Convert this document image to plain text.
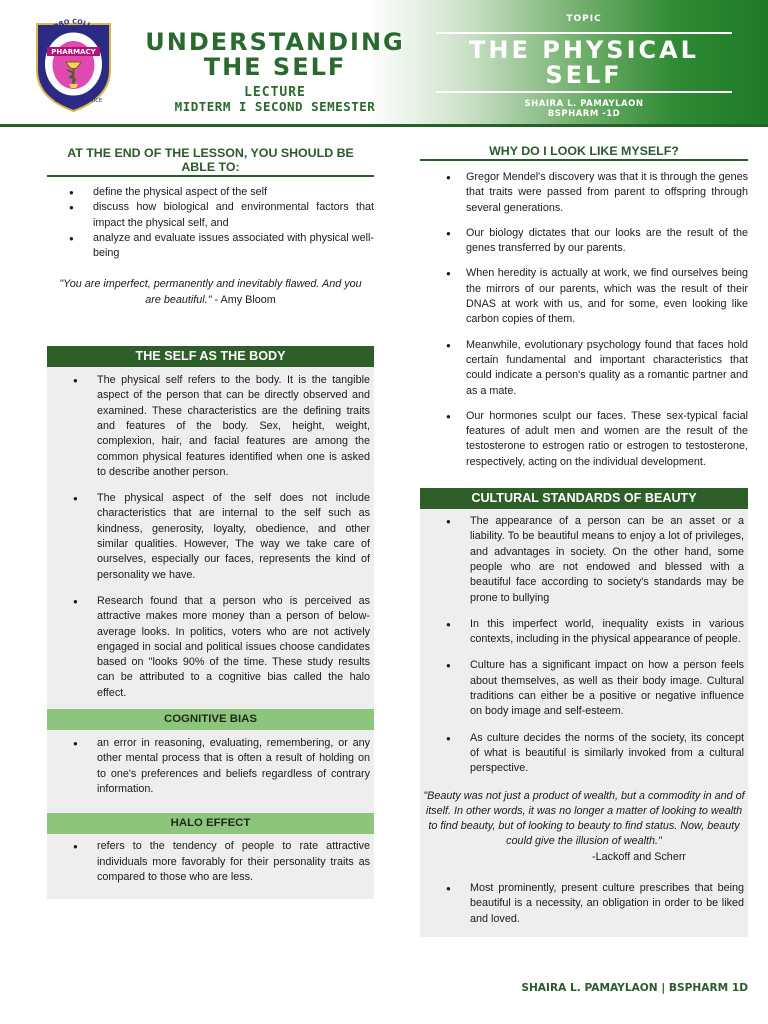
SAN PEDRO COLLEGE
PHARMACY
LOVE	SERVICE
UNDERSTANDING THE SELF
LECTURE
MIDTERM I SECOND SEMESTER
TOPIC
THE PHYSICAL SELF
SHAIRA L. PAMAYLAON
BSPHARM -1D
AT THE END OF THE LESSON, YOU SHOULD BE ABLE TO:
● define the physical aspect of the self
● discuss how biological and environmental factors that impact the physical self, and
● analyze and evaluate issues associated with physical well-being

"You are imperfect, permanently and inevitably flawed. And you are beautiful." - Amy Bloom

THE SELF AS THE BODY
● The physical self refers to the body. It is the tangible aspect of the person that can be directly observed and examined. These characteristics are the defining traits and features of the body. Sex, height, weight, complexion, hair, and facial features are among the common physical features identified when one is asked to describe another person.
● The physical aspect of the self does not include characteristics that are internal to the self such as kindness, generosity, loyalty, obedience, and other similar qualities. However, The way we take care of ourselves, especially our faces, represents the kind of personality we have.
● Research found that a person who is perceived as attractive makes more money than a person of below-average looks. In politics, voters who are not actively engaged in social and political issues choose candidates based on "looks 90% of the time. These study results can be attributed to a cognitive bias called the halo effect.
COGNITIVE BIAS
● an error in reasoning, evaluating, remembering, or any other mental process that is often a result of holding on to one's preferences and beliefs regardless of contrary information.
HALO EFFECT
● refers to the tendency of people to rate attractive individuals more favorably for their personality traits as compared to those who are less.
WHY DO I LOOK LIKE MYSELF?
● Gregor Mendel's discovery was that it is through the genes that traits were passed from parent to offspring through several generations.
● Our biology dictates that our looks are the result of the genes transferred by our parents.
● When heredity is actually at work, we find ourselves being the mirrors of our parents, which was the result of their DNAS at work with us, and for some, even looking like carbon copies of them.
● Meanwhile, evolutionary psychology found that faces hold certain fundamental and important characteristics that could indicate a person's quality as a romantic partner and as a mate.
● Our hormones sculpt our faces. These sex-typical facial features of adult men and women are the result of the testosterone to estrogen ratio or estrogen to testosterone, respectively, acting on the individual development.
CULTURAL STANDARDS OF BEAUTY
● The appearance of a person can be an asset or a liability. To be beautiful means to enjoy a lot of privileges, and advantages in society. On the other hand, some people who are not endowed and blessed with a beautiful face according to society's standards may be prone to bullying
● In this imperfect world, inequality exists in various contexts, including in the physical appearance of people.
● Culture has a significant impact on how a person feels about themselves, as well as their body image. Cultural traditions can either be a positive or negative influence on body image and self-esteem.
● As culture decides the norms of the society, its concept of what is beautiful is similarly invoked from a cultural perspective.

"Beauty was not just a product of wealth, but a commodity in and of itself. In other words, it was no longer a matter of looking to wealth to find beauty, but of looking to beauty to find status. Now, beauty could give the illusion of wealth."

-Lackoff and Scherr

● Most prominently, present culture prescribes that being beautiful is a necessity, an obligation in order to be liked and loved.
SHAIRA L. PAMAYLAON | BSPHARM 1D
